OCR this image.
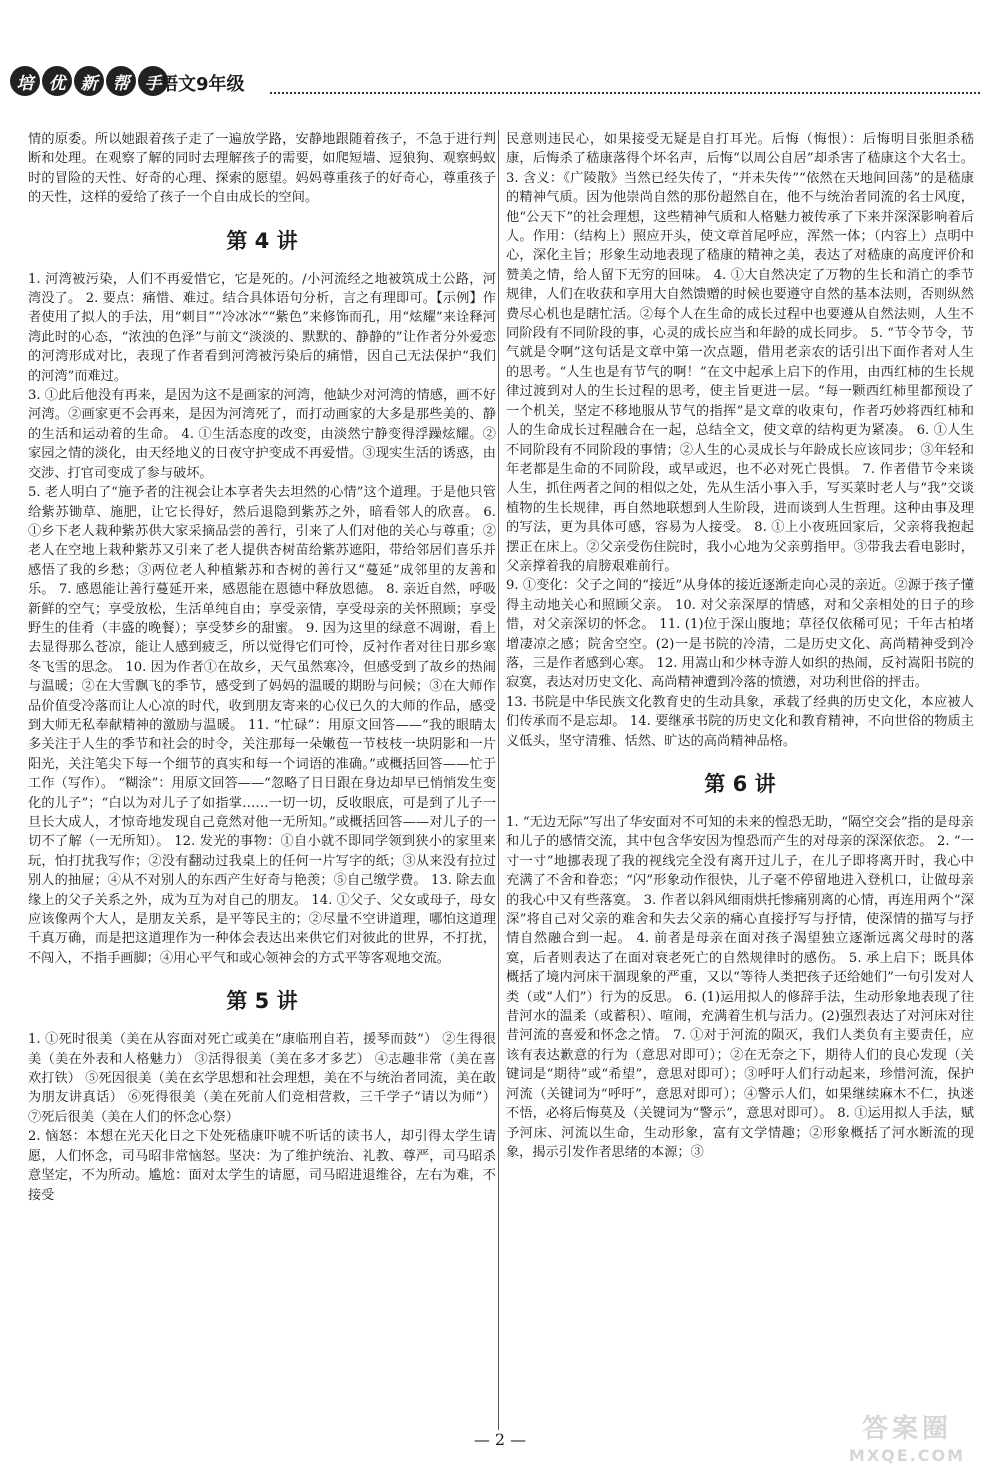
培 优 新 帮 手
语文9年级

情的原委。所以她跟着孩子走了一遍放学路，安静地跟随着孩子，不急于进行判断和处理。在观察了解的同时去理解孩子的需要，如爬短墙、逗狼狗、观察蚂蚁时的冒险的天性、好奇的心理、探索的愿望。妈妈尊重孩子的好奇心，尊重孩子的天性，这样的爱给了孩子一个自由成长的空间。

第 4 讲

1. 河湾被污染，人们不再爱惜它，它是死的。/小河流经之地被筑成土公路，河湾没了。 2. 要点：痛惜、难过。结合具体语句分析，言之有理即可。【示例】作者使用了拟人的手法，用“刺目”“冷冰冰”“紫色”来修饰而孔，用“炫耀”来诠释河湾此时的心态，“浓浊的色泽”与前文“淡淡的、默默的、静静的”让作者分外爱恋的河湾形成对比，表现了作者看到河湾被污染后的痛惜，因自己无法保护“我们的河湾”而难过。

3. ①此后他没有再来，是因为这不是画家的河湾，他缺少对河湾的情感，画不好河湾。②画家更不会再来，是因为河湾死了，而打动画家的大多是那些美的、静的生活和运动着的生命。 4. ①生活态度的改变，由淡然宁静变得浮躁炫耀。②家园之情的淡化，由天经地义的日夜守护变成不再爱惜。③现实生活的诱惑，由交涉、打官司变成了参与破坏。

5. 老人明白了“施予者的注视会让本享者失去坦然的心情”这个道理。于是他只管给紫苏锄草、施肥，让它长得好，然后退隐到紫苏之外，暗看邻人的欣喜。 6. ①乡下老人栽种紫苏供大家采摘品尝的善行，引来了人们对他的关心与尊重；②老人在空地上栽种紫苏又引来了老人提供杏树苗给紫苏遮阳，带给邻居们喜乐并感悟了我的乡愁；③两位老人种植紫苏和杏树的善行又“蔓延”成邻里的友善和乐。 7. 感恩能让善行蔓延开来，感恩能在恩德中释放恩德。 8. 亲近自然，呼吸新鲜的空气；享受放松，生活单纯自由；享受亲情，享受母亲的关怀照顾；享受野生的佳肴（丰盛的晚餐）；享受梦乡的甜蜜。 9. 因为这里的绿意不凋谢，看上去显得那么苍凉，能让人感到疲乏，所以觉得它们可怜，反衬作者对往日那乡寒冬飞雪的思念。 10. 因为作者①在故乡，天气虽然寒冷，但感受到了故乡的热闹与温暖；②在大雪飘飞的季节，感受到了妈妈的温暖的期盼与问候；③在大师作品价值受冷落而让人心凉的时代，收到朋友寄来的心仪已久的大师的作品，感受到大师无私奉献精神的激励与温暖。 11. “忙碌”：用原文回答——“我的眼睛太多关注于人生的季节和社会的时令，关注那每一朵嫩苞一节枝枝一块阴影和一片阳光，关注笔尖下每一个细节的真实和每一个词语的准确。”或概括回答——忙于工作（写作）。 “糊涂”：用原文回答——“忽略了日日跟在身边却早已悄悄发生变化的儿子”；“白以为对儿子了如指掌……一切一切，反收眼底，可是到了儿子一旦长大成人，才惊奇地发现自己竟然对他一无所知。”或概括回答——对儿子的一切不了解（一无所知）。 12. 发光的事物：①自小就不即同学领到狭小的家里来玩，怕打扰我写作；②没有翻动过我桌上的任何一片写字的纸；③从来没有拉过别人的抽屉；④从不对别人的东西产生好奇与艳羡；⑤自己缴学费。 13. 除去血缘上的父子关系之外，成为互为对自己的朋友。 14. ①父子、父女或母子，母女应该像两个大人，是朋友关系，是平等民主的；②尽量不空讲道理，哪怕这道理千真万确，而是把这道理作为一种体会表达出来供它们对彼此的世界，不打扰，不闯入，不指手画脚；④用心平气和或心领神会的方式平等客观地交流。

第 5 讲

1. ①死时很美（美在从容面对死亡或美在“康临刑自若，援琴而鼓”） ②生得很美（美在外表和人格魅力） ③活得很美（美在多才多艺） ④志趣非常（美在喜欢打铁） ⑤死因很美（美在玄学思想和社会理想，美在不与统治者同流，美在敢为朋友讲真话） ⑥死得很美（美在死前人们竞相营救，三千学子“请以为师”） ⑦死后很美（美在人们的怀念心祭）

2. 恼怒：本想在光天化日之下处死嵇康吓唬不听话的读书人，却引得太学生请愿，人们怀念，司马昭非常恼怒。坚决：为了维护统治、礼教、尊严，司马昭杀意坚定，不为所动。尴尬：面对太学生的请愿，司马昭进退维谷，左右为难，不接受

民意则违民心，如果接受无疑是自打耳光。后悔（悔恨）：后悔明目张胆杀嵇康，后悔杀了嵇康落得个坏名声，后悔“以周公自居”却杀害了嵇康这个大名士。 3. 含义：《广陵散》当然已经失传了，“并未失传”“依然在天地间回荡”的是嵇康的精神气质。因为他崇尚自然的那份超然自在，他不与统治者同流的名士风度，他“公天下”的社会理想，这些精神气质和人格魅力被传承了下来并深深影响着后人。作用：（结构上）照应开头，使文章首尾呼应，浑然一体；（内容上）点明中心，深化主旨；形象生动地表现了嵇康的精神之美，表达了对嵇康的高度评价和赞美之情，给人留下无穷的回味。 4. ①大自然决定了万物的生长和消亡的季节规律，人们在收获和享用大自然馈赠的时候也要遵守自然的基本法则，否则纵然费尽心机也是瞎忙活。②每个人在生命的成长过程中也要遵从自然法则，人生不同阶段有不同阶段的事，心灵的成长应当和年龄的成长同步。 5. “节令节令，节气就是令啊”这句话是文章中第一次点题，借用老亲农的话引出下面作者对人生的思考。“人生也是有节气的啊！”在文中起承上启下的作用，由西红柿的生长规律过渡到对人的生长过程的思考，使主旨更进一层。“每一颗西红柿里都预设了一个机关，坚定不移地服从节气的指挥”是文章的收束句，作者巧妙将西红柿和人的生命成长过程融合在一起，总结全文，使文章的结构更为紧凑。 6. ①人生不同阶段有不同阶段的事情；②人生的心灵成长与年龄成长应该同步；③年轻和年老都是生命的不同阶段，或早或迟，也不必对死亡畏惧。 7. 作者借节令来谈人生，抓住两者之间的相似之处，先从生活小事入手，写买菜时老人与“我”交谈植物的生长规律，再自然地联想到人生阶段，进而谈到人生哲理。这种由事及理的写法，更为具体可感，容易为人接受。 8. ①上小夜班回家后，父亲将我抱起摆正在床上。②父亲受伤住院时，我小心地为父亲剪指甲。③带我去看电影时，父亲撑着我的肩膀艰难前行。

9. ①变化：父子之间的“接近”从身体的接近逐渐走向心灵的亲近。②源于孩子懂得主动地关心和照顾父亲。 10. 对父亲深厚的情感，对和父亲相处的日子的珍惜，对父亲深切的怀念。 11. (1)位于深山腹地；草径仅依稀可见；千年古柏堵增凄凉之感；院舍空空。(2)一是书院的冷清，二是历史文化、高尚精神受到冷落，三是作者感到心寒。 12. 用嵩山和少林寺游人如织的热闹，反衬嵩阳书院的寂寞，表达对历史文化、高尚精神遭到冷落的愤懑，对功利世俗的抨击。

13. 书院是中华民族文化教育史的生动具象，承载了经典的历史文化，本应被人们传承而不是忘却。 14. 要继承书院的历史文化和教育精神，不向世俗的物质主义低头，坚守清雅、恬然、旷达的高尚精神品格。

第 6 讲

1. “无边无际”写出了华安面对不可知的未来的惶恐无助，“隔空交会”指的是母亲和儿子的感情交流，其中包含华安因为惶恐而产生的对母亲的深深依恋。 2. “一寸一寸”地挪表现了我的视线完全没有离开过儿子，在儿子即将离开时，我心中充满了不舍和眷恋；“闪”形象动作很快，儿子毫不停留地进入登机口，让做母亲的我心中又有些落寞。 3. 作者以斜风细雨烘托惨痛别离的心情，再连用两个“深深”将自己对父亲的难舍和失去父亲的痛心直接抒写与抒情，使深情的描写与抒情自然融合到一起。 4. 前者是母亲在面对孩子渴望独立逐渐远离父母时的落寞，后者则表达了在面对衰老死亡的自然规律时的感伤。 5. 承上启下；既具体概括了境内河床干涸现象的严重，又以“等待人类把孩子还给她们”一句引发对人类（或“人们”）行为的反思。 6. (1)运用拟人的修辞手法，生动形象地表现了往昔河水的温柔（或蓄积）、喧闹，充满着生机与活力。(2)强烈表达了对河床对往昔河流的喜爱和怀念之情。 7. ①对于河流的陨灭，我们人类负有主要责任，应该有表达歉意的行为（意思对即可）；②在无奈之下，期待人们的良心发现（关键词是“期待”或“希望”，意思对即可）；③呼吁人们行动起来，珍惜河流，保护河流（关键词为“呼吁”，意思对即可）；④警示人们，如果继续麻木不仁，执迷不悟，必将后悔莫及（关键词为“警示”，意思对即可）。 8. ①运用拟人手法，赋予河床、河流以生命，生动形象，富有文学情趣；②形象概括了河水断流的现象，揭示引发作者思绪的本源；③

— 2 —	答案圈
MXQE.COM
